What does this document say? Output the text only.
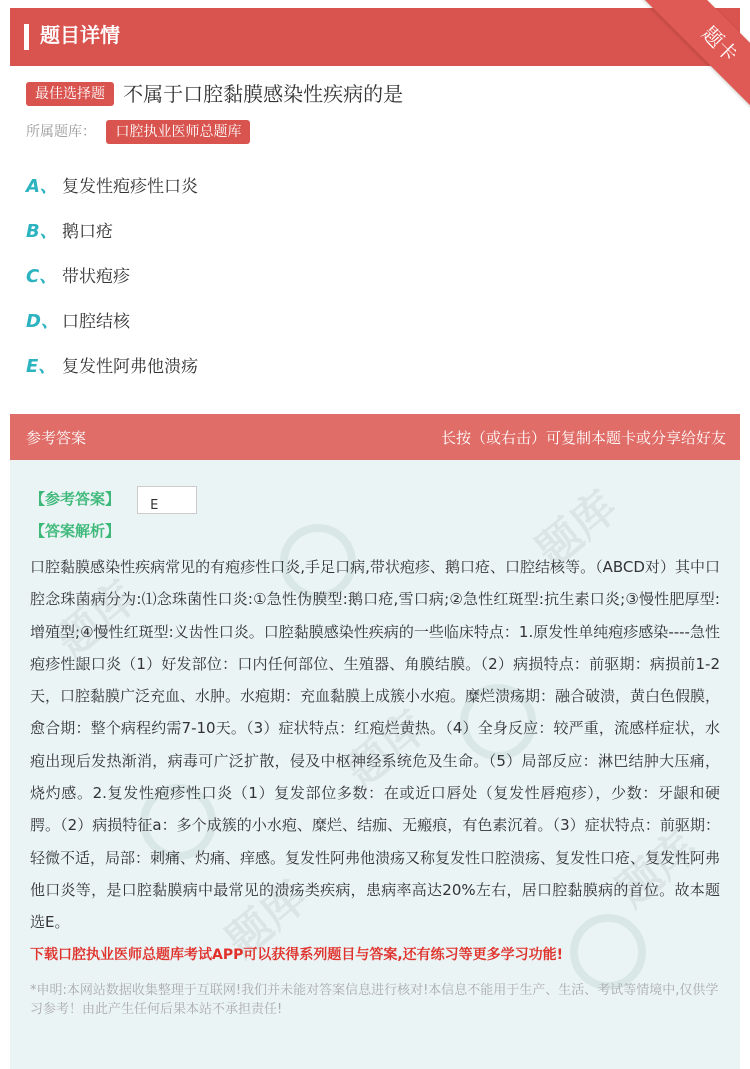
题目详情	题卡
最佳选择题 不属于口腔黏膜感染性疾病的是
所属题库： 口腔执业医师总题库
A、 复发性疱疹性口炎
B、 鹅口疮
C、 带状疱疹
D、 口腔结核
E、 复发性阿弗他溃疡
参考答案	长按（或右击）可复制本题卡或分享给好友
题库
题库
题库
题库
题库
【参考答案】 E
【答案解析】
口腔黏膜感染性疾病常见的有疱疹性口炎,手足口病,带状疱疹、鹅口疮、口腔结核等。（ABCD对）其中口腔念珠菌病分为:⑴念珠菌性口炎:①急性伪膜型:鹅口疮,雪口病;②急性红斑型:抗生素口炎;③慢性肥厚型:增殖型;④慢性红斑型:义齿性口炎。口腔黏膜感染性疾病的一些临床特点：1.原发性单纯疱疹感染----急性疱疹性龈口炎（1）好发部位：口内任何部位、生殖器、角膜结膜。（2）病损特点：前驱期：病损前1-2天，口腔黏膜广泛充血、水肿。水疱期：充血黏膜上成簇小水疱。糜烂溃疡期：融合破溃，黄白色假膜，愈合期：整个病程约需7-10天。（3）症状特点：红疱烂黄热。（4）全身反应：较严重，流感样症状，水疱出现后发热渐消，病毒可广泛扩散，侵及中枢神经系统危及生命。（5）局部反应：淋巴结肿大压痛，烧灼感。2.复发性疱疹性口炎（1）复发部位多数：在或近口唇处（复发性唇疱疹），少数：牙龈和硬腭。（2）病损特征a：多个成簇的小水疱、糜烂、结痂、无瘢痕，有色素沉着。（3）症状特点：前驱期：轻微不适，局部：刺痛、灼痛、痒感。复发性阿弗他溃疡又称复发性口腔溃疡、复发性口疮、复发性阿弗他口炎等，是口腔黏膜病中最常见的溃疡类疾病，患病率高达20%左右，居口腔黏膜病的首位。故本题选E。
下载口腔执业医师总题库考试APP可以获得系列题目与答案,还有练习等更多学习功能!
*申明:本网站数据收集整理于互联网!我们并未能对答案信息进行核对!本信息不能用于生产、生活、考试等情境中,仅供学习参考！由此产生任何后果本站不承担责任!
